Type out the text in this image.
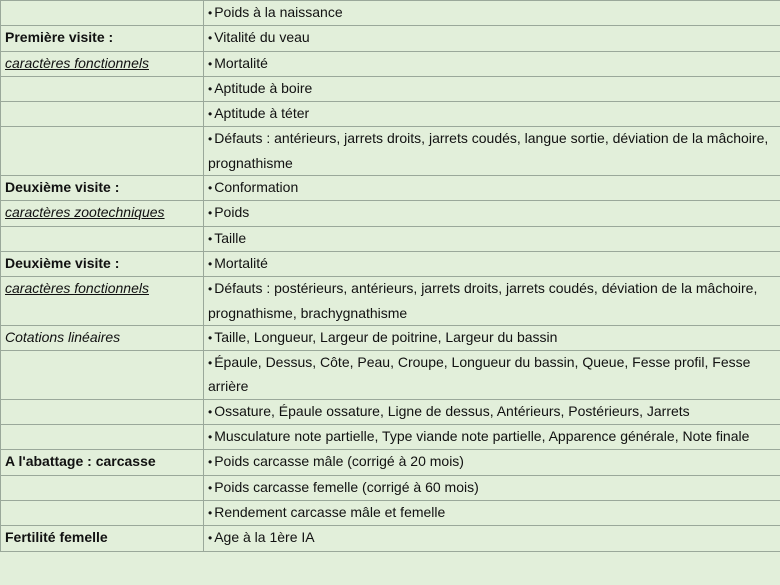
	• Poids à la naissance
Première visite :	• Vitalité du veau
caractères fonctionnels	• Mortalité
	• Aptitude à boire
	• Aptitude à téter
	• Défauts : antérieurs, jarrets droits, jarrets coudés, langue sortie, déviation de la mâchoire, prognathisme
Deuxième visite :	• Conformation
caractères zootechniques	• Poids
	• Taille
Deuxième visite :	• Mortalité
caractères fonctionnels	• Défauts : postérieurs, antérieurs, jarrets droits, jarrets coudés, déviation de la mâchoire, prognathisme, brachygnathisme
Cotations linéaires	• Taille, Longueur, Largeur de poitrine, Largeur du bassin
	• Épaule, Dessus, Côte, Peau, Croupe, Longueur du bassin, Queue, Fesse profil, Fesse arrière
	• Ossature, Épaule ossature, Ligne de dessus, Antérieurs, Postérieurs, Jarrets
	• Musculature note partielle, Type viande note partielle, Apparence générale, Note finale
A l'abattage : carcasse	• Poids carcasse mâle (corrigé à 20 mois)
	• Poids carcasse femelle (corrigé à 60 mois)
	• Rendement carcasse mâle et femelle
Fertilité femelle	• Age à la 1ère IA
